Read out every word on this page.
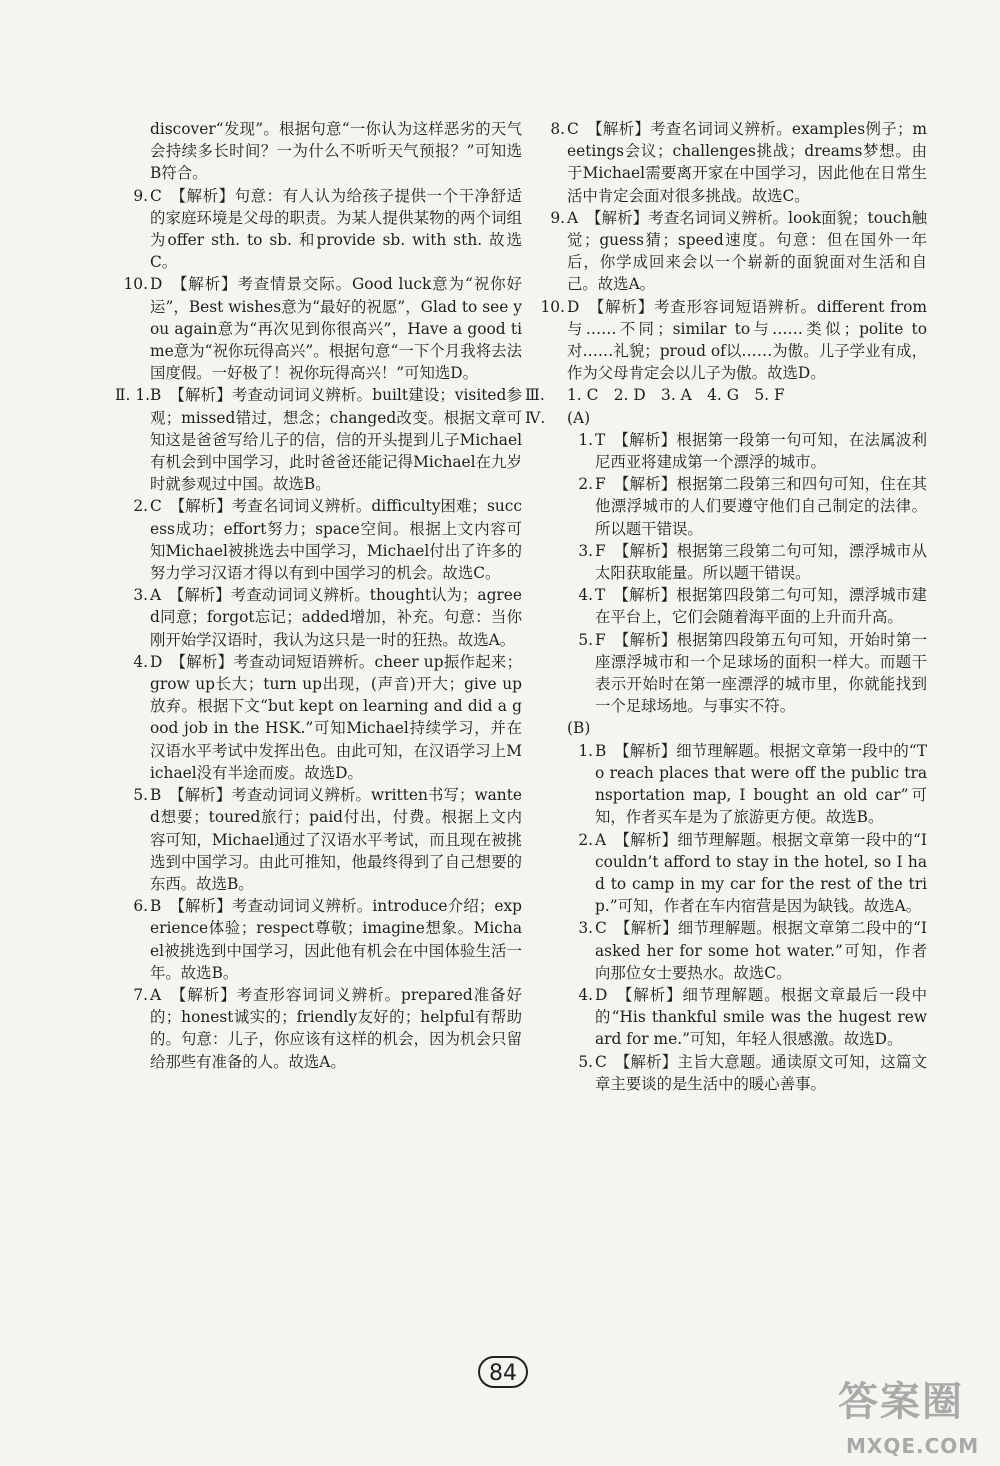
discover“发现”。根据句意“一你认为这样恶劣的天气会持续多长时间？一为什么不听听天气预报？”可知选B符合。
9. C　【解析】句意：有人认为给孩子提供一个干净舒适的家庭环境是父母的职责。为某人提供某物的两个词组为offer sth. to sb. 和provide sb. with sth. 故选C。
10. D　【解析】考查情景交际。Good luck意为“祝你好运”，Best wishes意为“最好的祝愿”，Glad to see you again意为“再次见到你很高兴”，Have a good time意为“祝你玩得高兴”。根据句意“一下个月我将去法国度假。一好极了！祝你玩得高兴！”可知选D。
Ⅱ. 1. B　【解析】考查动词词义辨析。built建设；visited参观；missed错过，想念；changed改变。根据文章可知这是爸爸写给儿子的信，信的开头提到儿子Michael有机会到中国学习，此时爸爸还能记得Michael在九岁时就参观过中国。故选B。
2. C　【解析】考查名词词义辨析。difficulty困难；success成功；effort努力；space空间。根据上文内容可知Michael被挑选去中国学习，Michael付出了许多的努力学习汉语才得以有到中国学习的机会。故选C。
3. A　【解析】考查动词词义辨析。thought认为；agreed同意；forgot忘记；added增加，补充。句意：当你刚开始学汉语时，我认为这只是一时的狂热。故选A。
4. D　【解析】考查动词短语辨析。cheer up振作起来；grow up长大；turn up出现，(声音)开大；give up放弃。根据下文“but kept on learning and did a good job in the HSK.”可知Michael持续学习，并在汉语水平考试中发挥出色。由此可知，在汉语学习上Michael没有半途而废。故选D。
5. B　【解析】考查动词词义辨析。written书写；wanted想要；toured旅行；paid付出，付费。根据上文内容可知，Michael通过了汉语水平考试，而且现在被挑选到中国学习。由此可推知，他最终得到了自己想要的东西。故选B。
6. B　【解析】考查动词词义辨析。introduce介绍；experience体验；respect尊敬；imagine想象。Michael被挑选到中国学习，因此他有机会在中国体验生活一年。故选B。
7. A　【解析】考查形容词词义辨析。prepared准备好的；honest诚实的；friendly友好的；helpful有帮助的。句意：儿子，你应该有这样的机会，因为机会只留给那些有准备的人。故选A。
8. C　【解析】考查名词词义辨析。examples例子；meetings会议；challenges挑战；dreams梦想。由于Michael需要离开家在中国学习，因此他在日常生活中肯定会面对很多挑战。故选C。
9. A　【解析】考查名词词义辨析。look面貌；touch触觉；guess猜；speed速度。句意：但在国外一年后，你学成回来会以一个崭新的面貌面对生活和自己。故选A。
10. D　【解析】考查形容词短语辨析。different from与……不同；similar to与……类似；polite to对……礼貌；proud of以……为傲。儿子学业有成，作为父母肯定会以儿子为傲。故选D。
Ⅲ.	1. C　2. D　3. A　4. G　5. F
Ⅳ.	(A)
1. T　【解析】根据第一段第一句可知，在法属波利尼西亚将建成第一个漂浮的城市。
2. F　【解析】根据第二段第三和四句可知，住在其他漂浮城市的人们要遵守他们自己制定的法律。所以题干错误。
3. F　【解析】根据第三段第二句可知，漂浮城市从太阳获取能量。所以题干错误。
4. T　【解析】根据第四段第二句可知，漂浮城市建在平台上，它们会随着海平面的上升而升高。
5. F　【解析】根据第四段第五句可知，开始时第一座漂浮城市和一个足球场的面积一样大。而题干表示开始时在第一座漂浮的城市里，你就能找到一个足球场地。与事实不符。
(B)
1. B　【解析】细节理解题。根据文章第一段中的“To reach places that were off the public transportation map, I bought an old car”可知，作者买车是为了旅游更方便。故选B。
2. A　【解析】细节理解题。根据文章第一段中的“I couldn’t afford to stay in the hotel, so I had to camp in my car for the rest of the trip.”可知，作者在车内宿营是因为缺钱。故选A。
3. C　【解析】细节理解题。根据文章第二段中的“I asked her for some hot water.”可知，作者向那位女士要热水。故选C。
4. D　【解析】细节理解题。根据文章最后一段中的“His thankful smile was the hugest reward for me.”可知，年轻人很感激。故选D。
5. C　【解析】主旨大意题。通读原文可知，这篇文章主要谈的是生活中的暖心善事。
84
答案圈
MXQE.COM
